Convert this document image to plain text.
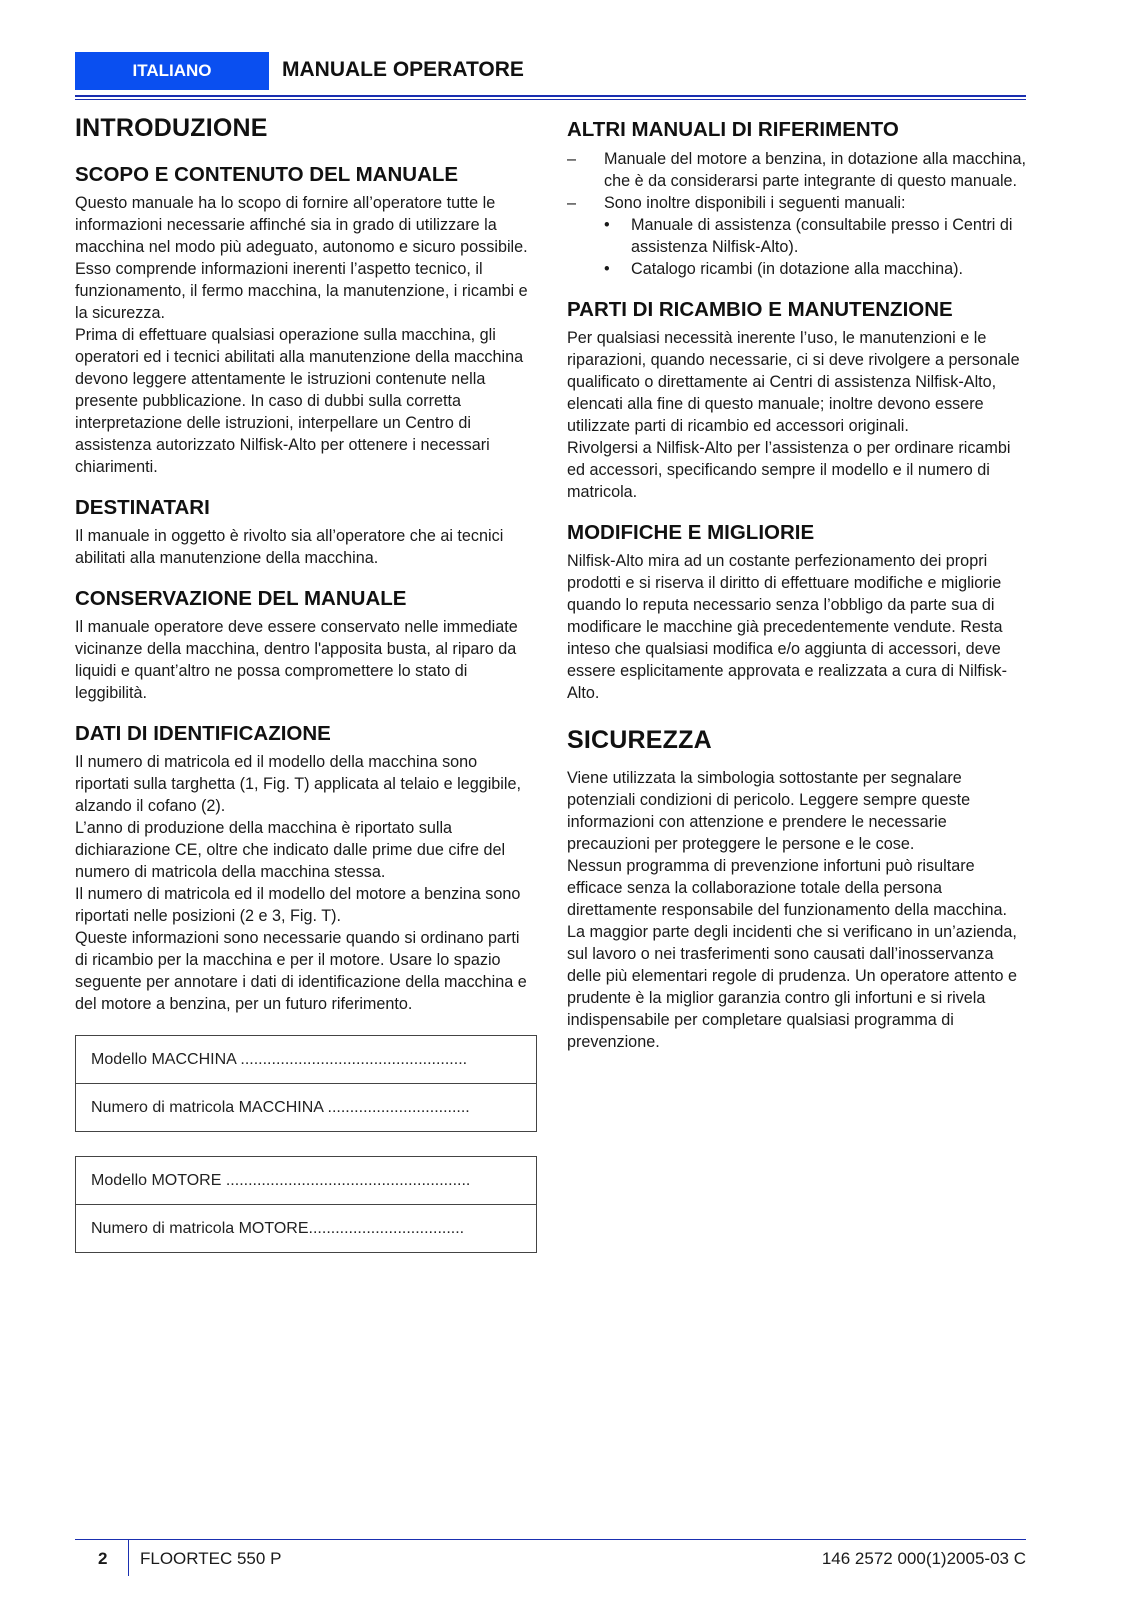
ITALIANO	MANUALE OPERATORE
INTRODUZIONE
SCOPO E CONTENUTO DEL MANUALE

Questo manuale ha lo scopo di fornire all’operatore tutte le informazioni necessarie affinché sia in grado di utilizzare la macchina nel modo più adeguato, autonomo e sicuro possibile. Esso comprende informazioni inerenti l’aspetto tecnico, il funzionamento, il fermo macchina, la manutenzione, i ricambi e la sicurezza.

Prima di effettuare qualsiasi operazione sulla macchina, gli operatori ed i tecnici abilitati alla manutenzione della macchina devono leggere attentamente le istruzioni contenute nella presente pubblicazione. In caso di dubbi sulla corretta interpretazione delle istruzioni, interpellare un Centro di assistenza autorizzato Nilfisk-Alto per ottenere i necessari chiarimenti.

DESTINATARI

Il manuale in oggetto è rivolto sia all’operatore che ai tecnici abilitati alla manutenzione della macchina.

CONSERVAZIONE DEL MANUALE

Il manuale operatore deve essere conservato nelle immediate vicinanze della macchina, dentro l'apposita busta, al riparo da liquidi e quant’altro ne possa compromettere lo stato di leggibilità.

DATI DI IDENTIFICAZIONE

Il numero di matricola ed il modello della macchina sono riportati sulla targhetta (1, Fig. T) applicata al telaio e leggibile, alzando il cofano (2).

L’anno di produzione della macchina è riportato sulla dichiarazione CE, oltre che indicato dalle prime due cifre del numero di matricola della macchina stessa.

Il numero di matricola ed il modello del motore a benzina sono riportati nelle posizioni (2 e 3, Fig. T).

Queste informazioni sono necessarie quando si ordinano parti di ricambio per la macchina e per il motore. Usare lo spazio seguente per annotare i dati di identificazione della macchina e del motore a benzina, per un futuro riferimento.

Modello MACCHINA ...................................................
Numero di matricola MACCHINA ................................
Modello MOTORE .......................................................
Numero di matricola MOTORE...................................
ALTRI MANUALI DI RIFERIMENTO
– Manuale del motore a benzina, in dotazione alla macchina, che è da considerarsi parte integrante di questo manuale.
– Sono inoltre disponibili i seguenti manuali:
• Manuale di assistenza (consultabile presso i Centri di assistenza Nilfisk-Alto).
• Catalogo ricambi (in dotazione alla macchina).
PARTI DI RICAMBIO E MANUTENZIONE

Per qualsiasi necessità inerente l’uso, le manutenzioni e le riparazioni, quando necessarie, ci si deve rivolgere a personale qualificato o direttamente ai Centri di assistenza Nilfisk-Alto, elencati alla fine di questo manuale; inoltre devono essere utilizzate parti di ricambio ed accessori originali.

Rivolgersi a Nilfisk-Alto per l’assistenza o per ordinare ricambi ed accessori, specificando sempre il modello e il numero di matricola.

MODIFICHE E MIGLIORIE

Nilfisk-Alto mira ad un costante perfezionamento dei propri prodotti e si riserva il diritto di effettuare modifiche e migliorie quando lo reputa necessario senza l’obbligo da parte sua di modificare le macchine già precedentemente vendute. Resta inteso che qualsiasi modifica e/o aggiunta di accessori, deve essere esplicitamente approvata e realizzata a cura di Nilfisk-Alto.

SICUREZZA

Viene utilizzata la simbologia sottostante per segnalare potenziali condizioni di pericolo. Leggere sempre queste informazioni con attenzione e prendere le necessarie precauzioni per proteggere le persone e le cose.

Nessun programma di prevenzione infortuni può risultare efficace senza la collaborazione totale della persona direttamente responsabile del funzionamento della macchina. La maggior parte degli incidenti che si verificano in un’azienda, sul lavoro o nei trasferimenti sono causati dall’inosservanza delle più elementari regole di prudenza. Un operatore attento e prudente è la miglior garanzia contro gli infortuni e si rivela indispensabile per completare qualsiasi programma di prevenzione.

2 FLOORTEC 550 P	146 2572 000(1)2005-03 C
